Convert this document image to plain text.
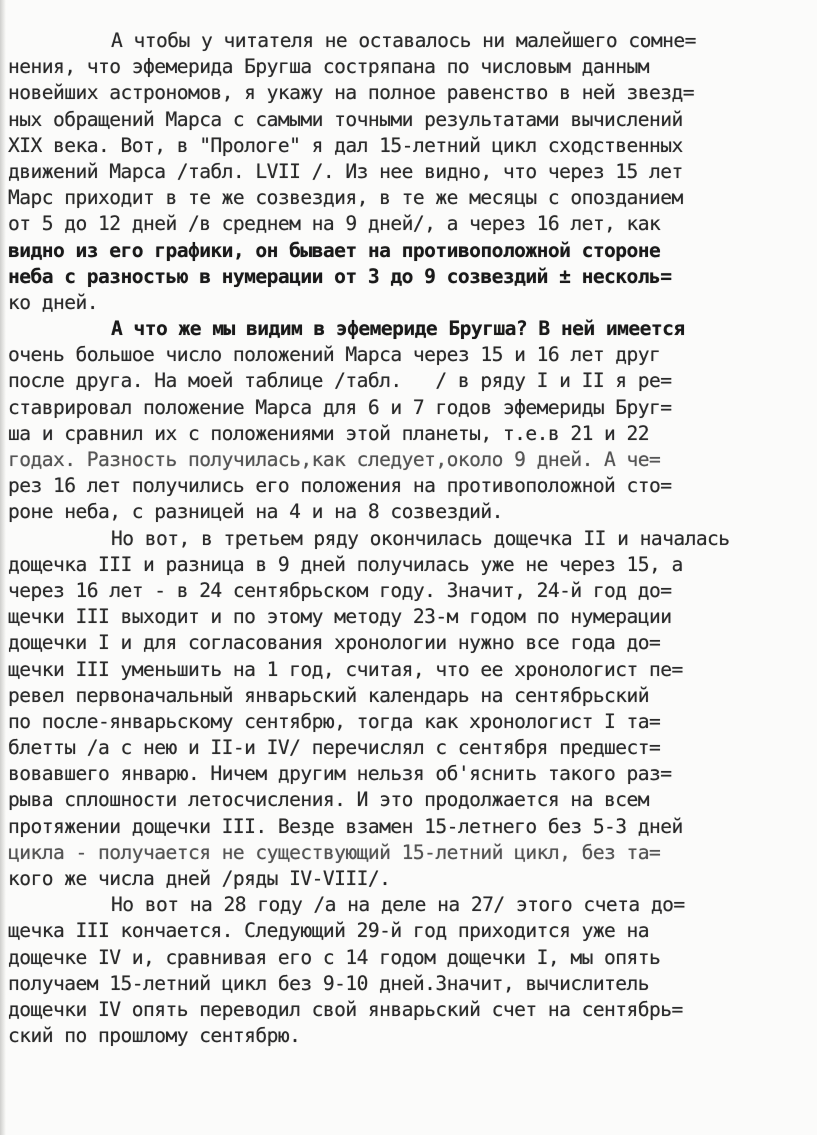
А чтобы у читателя не оставалось ни малейшего сомне=
нения, что эфемерида Бругша состряпана по числовым данным
новейших астрономов, я укажу на полное равенство в ней звезд=
ных обращений Марса с самыми точными результатами вычислений
XIX века. Вот, в "Прологе" я дал 15-летний цикл сходственных
движений Марса /табл. LVII /. Из нее видно, что через 15 лет
Марс приходит в те же созвездия, в те же месяцы с опозданием
от 5 до 12 дней /в среднем на 9 дней/, а через 16 лет, как
видно из его графики, он бывает на противоположной стороне
неба с разностью в нумерации от 3 до 9 созвездий ± несколь=
ко дней.
А что же мы видим в эфемериде Бругша? В ней имеется
очень большое число положений Марса через 15 и 16 лет друг
после друга. На моей таблице /табл.   / в ряду I и II я ре=
ставрировал положение Марса для 6 и 7 годов эфемериды Бруг=
ша и сравнил их с положениями этой планеты, т.е.в 21 и 22
годах. Разность получилась,как следует,около 9 дней. А че=
рез 16 лет получились его положения на противоположной сто=
роне неба, с разницей на 4 и на 8 созвездий.
Но вот, в третьем ряду окончилась дощечка II и началась
дощечка III и разница в 9 дней получилась уже не через 15, а
через 16 лет - в 24 сентябрьском году. Значит, 24-й год до=
щечки III выходит и по этому методу 23-м годом по нумерации
дощечки I и для согласования хронологии нужно все года до=
щечки III уменьшить на 1 год, считая, что ее хронологист пе=
ревел первоначальный январьский календарь на сентябрьский
по после-январьскому сентябрю, тогда как хронологист I та=
блетты /а с нею и II-и IV/ перечислял с сентября предшест=
вовавшего январю. Ничем другим нельзя об'яснить такого раз=
рыва сплошности летосчисления. И это продолжается на всем
протяжении дощечки III. Везде взамен 15-летнего без 5-3 дней
цикла - получается не существующий 15-летний цикл, без та=
кого же числа дней /ряды IV-VIII/.
Но вот на 28 году /а на деле на 27/ этого счета до=
щечка III кончается. Следующий 29-й год приходится уже на
дощечке IV и, сравнивая его с 14 годом дощечки I, мы опять
получаем 15-летний цикл без 9-10 дней.Значит, вычислитель
дощечки IV опять переводил свой январьский счет на сентябрь=
ский по прошлому сентябрю.
